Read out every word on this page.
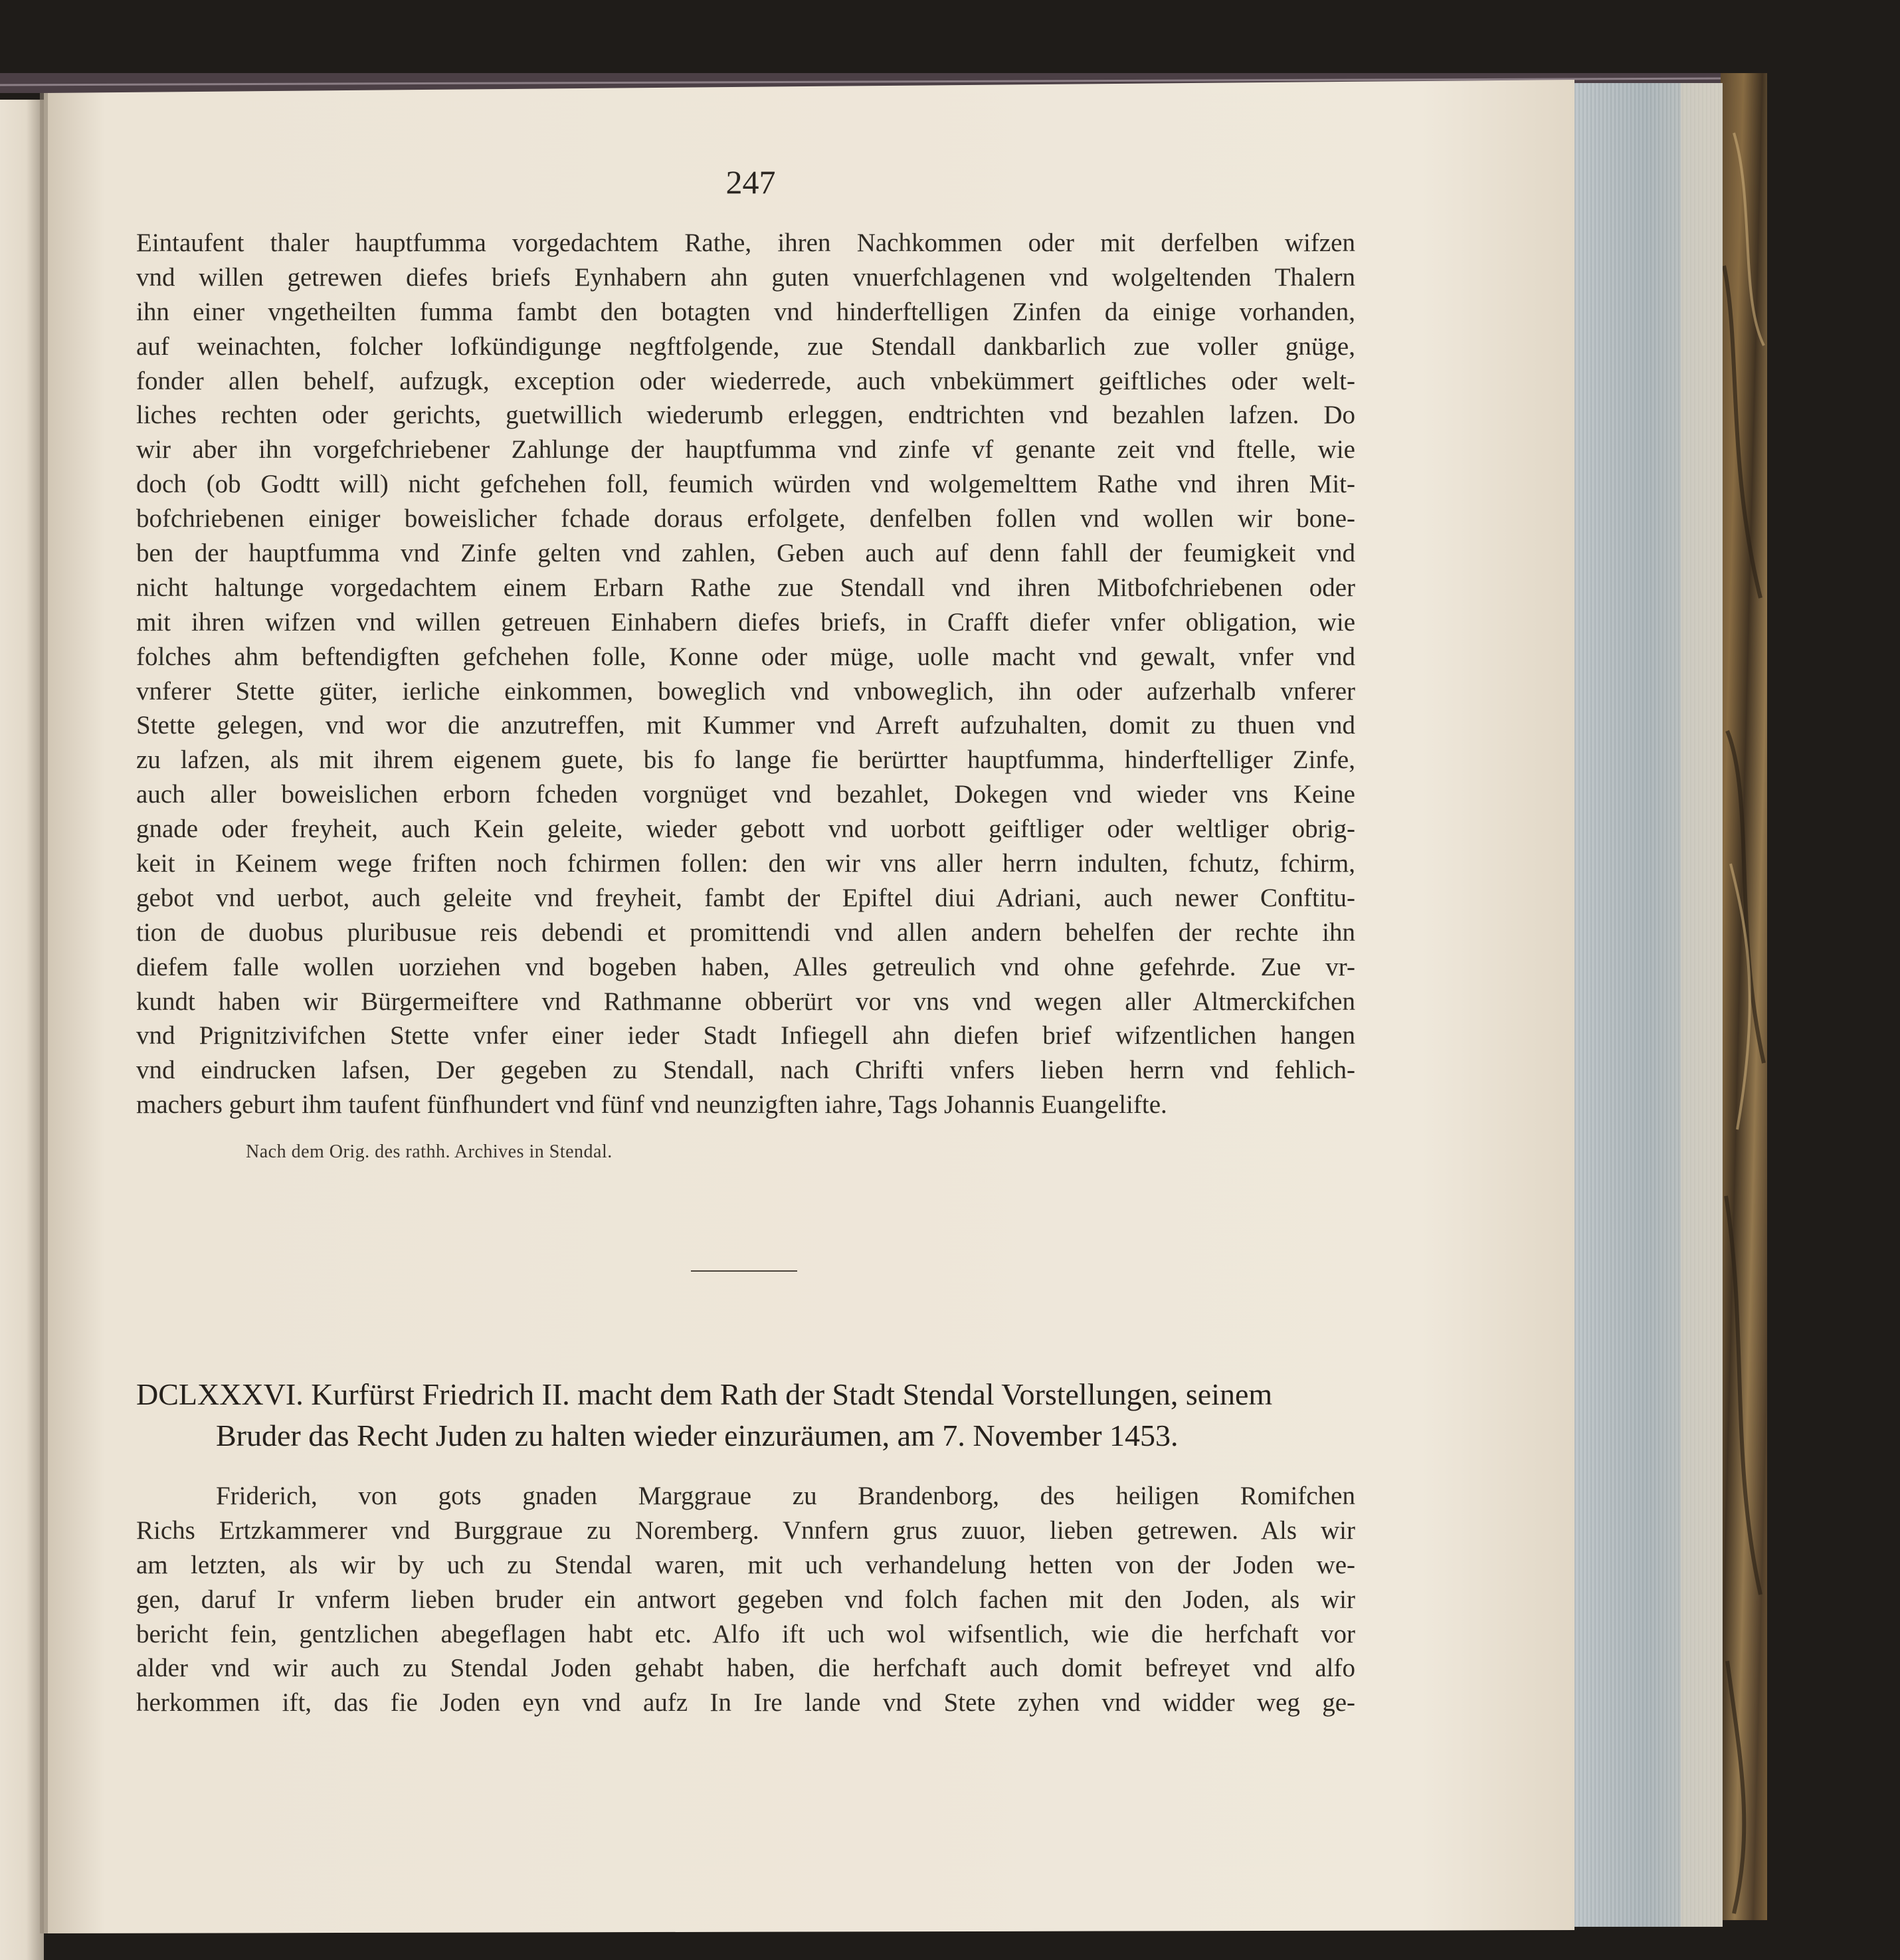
247
Eintaufent thaler hauptfumma vorgedachtem Rathe, ihren Nachkommen oder mit derfelben wifzen
vnd willen getrewen diefes briefs Eynhabern ahn guten vnuerfchlagenen vnd wolgeltenden Thalern
ihn einer vngetheilten fumma fambt den botagten vnd hinderftelligen Zinfen da einige vorhanden,
auf weinachten, folcher lofkündigunge negftfolgende, zue Stendall dankbarlich zue voller gnüge,
fonder allen behelf, aufzugk, exception oder wiederrede, auch vnbekümmert geiftliches oder welt-
liches rechten oder gerichts, guetwillich wiederumb erleggen, endtrichten vnd bezahlen lafzen. Do
wir aber ihn vorgefchriebener Zahlunge der hauptfumma vnd zinfe vf genante zeit vnd ftelle, wie
doch (ob Godtt will) nicht gefchehen foll, feumich würden vnd wolgemelttem Rathe vnd ihren Mit-
bofchriebenen einiger boweislicher fchade doraus erfolgete, denfelben follen vnd wollen wir bone-
ben der hauptfumma vnd Zinfe gelten vnd zahlen, Geben auch auf denn fahll der feumigkeit vnd
nicht haltunge vorgedachtem einem Erbarn Rathe zue Stendall vnd ihren Mitbofchriebenen oder
mit ihren wifzen vnd willen getreuen Einhabern diefes briefs, in Crafft diefer vnfer obligation, wie
folches ahm beftendigften gefchehen folle, Konne oder müge, uolle macht vnd gewalt, vnfer vnd
vnferer Stette güter, ierliche einkommen, boweglich vnd vnboweglich, ihn oder aufzerhalb vnferer
Stette gelegen, vnd wor die anzutreffen, mit Kummer vnd Arreft aufzuhalten, domit zu thuen vnd
zu lafzen, als mit ihrem eigenem guete, bis fo lange fie berürtter hauptfumma, hinderftelliger Zinfe,
auch aller boweislichen erborn fcheden vorgnüget vnd bezahlet, Dokegen vnd wieder vns Keine
gnade oder freyheit, auch Kein geleite, wieder gebott vnd uorbott geiftliger oder weltliger obrig-
keit in Keinem wege friften noch fchirmen follen: den wir vns aller herrn indulten, fchutz, fchirm,
gebot vnd uerbot, auch geleite vnd freyheit, fambt der Epiftel diui Adriani, auch newer Conftitu-
tion de duobus pluribusue reis debendi et promittendi vnd allen andern behelfen der rechte ihn
diefem falle wollen uorziehen vnd bogeben haben, Alles getreulich vnd ohne gefehrde. Zue vr-
kundt haben wir Bürgermeiftere vnd Rathmanne obberürt vor vns vnd wegen aller Altmerckifchen
vnd Prignitzivifchen Stette vnfer einer ieder Stadt Infiegell ahn diefen brief wifzentlichen hangen
vnd eindrucken lafsen, Der gegeben zu Stendall, nach Chrifti vnfers lieben herrn vnd fehlich-
machers geburt ihm taufent fünfhundert vnd fünf vnd neunzigften iahre, Tags Johannis Euangelifte.
Nach dem Orig. des rathh. Archives in Stendal.
DCLXXXVI. Kurfürst Friedrich II. macht dem Rath der Stadt Stendal Vorstellungen, seinem
Bruder das Recht Juden zu halten wieder einzuräumen, am 7. November 1453.
Friderich, von gots gnaden Marggraue zu Brandenborg, des heiligen Romifchen
Richs Ertzkammerer vnd Burggraue zu Noremberg. Vnnfern grus zuuor, lieben getrewen. Als wir
am letzten, als wir by uch zu Stendal waren, mit uch verhandelung hetten von der Joden we-
gen, daruf Ir vnferm lieben bruder ein antwort gegeben vnd folch fachen mit den Joden, als wir
bericht fein, gentzlichen abegeflagen habt etc. Alfo ift uch wol wifsentlich, wie die herfchaft vor
alder vnd wir auch zu Stendal Joden gehabt haben, die herfchaft auch domit befreyet vnd alfo
herkommen ift, das fie Joden eyn vnd aufz In Ire lande vnd Stete zyhen vnd widder weg ge-
